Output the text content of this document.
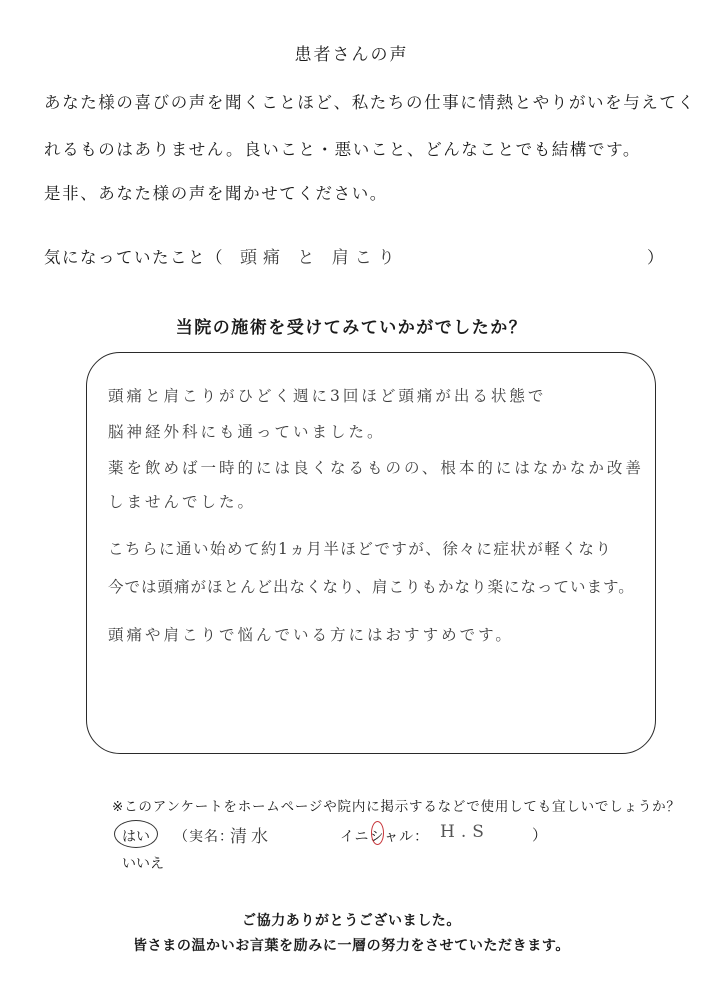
患者さんの声
あなた様の喜びの声を聞くことほど、私たちの仕事に情熱とやりがいを与えてく
れるものはありません。良いこと・悪いこと、どんなことでも結構です。
是非、あなた様の声を聞かせてください。
気になっていたこと（ 頭痛 と 肩こり	）
当院の施術を受けてみていかがでしたか？
頭痛と肩こりがひどく週に3回ほど頭痛が出る状態で
脳神経外科にも通っていました。
薬を飲めば一時的には良くなるものの、根本的にはなかなか改善
しませんでした。
こちらに通い始めて約1ヵ月半ほどですが、徐々に症状が軽くなり
今では頭痛がほとんど出なくなり、肩こりもかなり楽になっています。
頭痛や肩こりで悩んでいる方にはおすすめです。
※このアンケートをホームページや院内に掲示するなどで使用しても宜しいでしょうか？
はい （実名：
清水	イニシャル： H.S	）
いいえ
ご協力ありがとうございました。
皆さまの温かいお言葉を励みに一層の努力をさせていただきます。
